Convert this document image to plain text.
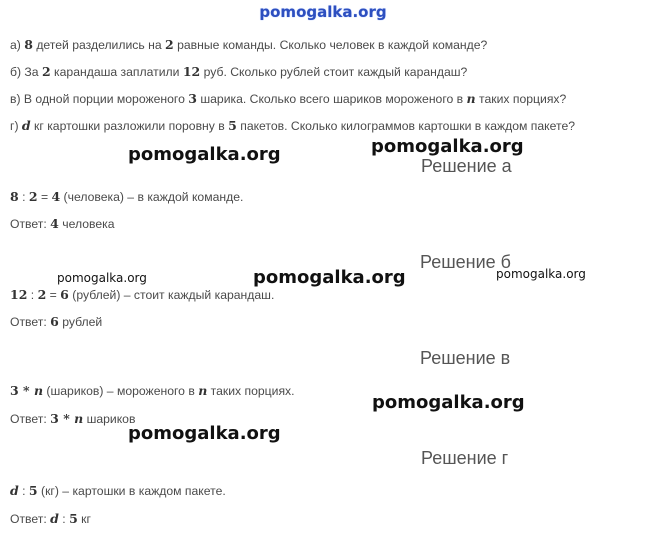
pomogalka.org
а) 8 детей разделились на 2 равные команды. Сколько человек в каждой команде?
б) За 2 карандаша заплатили 12 руб. Сколько рублей стоит каждый карандаш?
в) В одной порции мороженого 3 шарика. Сколько всего шариков мороженого в n таких порциях?
г) d кг картошки разложили поровну в 5 пакетов. Сколько килограммов картошки в каждом пакете?
Решение а
8 : 2 = 4 (человека) – в каждой команде.
Ответ: 4 человека
Решение б
12 : 2 = 6 (рублей) – стоит каждый карандаш.
Ответ: 6 рублей
Решение в
3 * n (шариков) – мороженого в n таких порциях.
Ответ: 3 * n шариков
Решение г
d : 5 (кг) – картошки в каждом пакете.
Ответ: d : 5 кг
pomogalka.org	pomogalka.org
pomogalka.org	pomogalka.org	pomogalka.org
pomogalka.org
pomogalka.org
